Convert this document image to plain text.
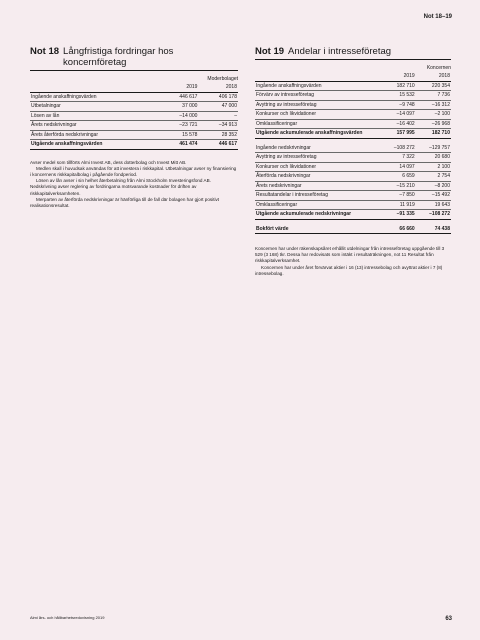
Not 18–19
Not 18 Långfristiga fordringar hos koncernföretag
Moderbolaget
	2019	2018
Ingående anskaffningsvärden	446 617	406 178
Utbetalningar	37 000	47 000
Lösen av lån	–14 000	–
Årets nedskrivningar	–23 721	–34 913
Årets återförda nedskrivningar	15 578	28 352
Utgående anskaffningsvärden	461 474	446 617

Avser medel som tillförts Almi Invest AB, dess dotterbolag och Invest Mitt AB.

Medlen skall i huvudsak användas för att investera i riskkapital. Utbetalningar avser ny finansiering i koncernens riskkapitalbolag i pågående fondperiod.

Lösen av lån avser i sin helhet återbetalning från Almi Stockholm Investeringsfond AB. Nedskrivning avser reglering av fordringarna motsvarande kostnader för driften av riskkapitalverksamheten.

Merparten av återförda nedskrivningar är hänförliga till de fall där bolagen har gjort positivt realisationsresultat.

Not 19 Andelar i intresseföretag
Koncernen
	2019	2018
Ingående anskaffningsvärden	182 710	220 354
Förvärv av intresseföretag	15 532	7 736
Avyttring av intresseföretag	–9 748	–16 312
Konkurser och likvidationer	–14 097	–2 100
Omklassificeringar	–16 402	–26 968
Utgående ackumulerade anskaffningsvärden	157 995	182 710

Ingående nedskrivningar	–108 272	–129 757
Avyttring av intresseföretag	7 322	20 680
Konkurser och likvidationer	14 097	2 100
Återförda nedskrivningar	6 659	2 754
Årets nedskrivningar	–15 210	–8 200
Resultatandelar i intresseföretag	–7 850	–15 492
Omklassificeringar	11 919	19 643
Utgående ackumulerade nedskrivningar	–91 335	–108 272

Bokfört värde	66 660	74 438

Koncernen har under räkenskapsåret erhållit utdelningar från intresseföretag uppgående till 3 529 (3 168) tkr. Dessa har redovisats som intäkt i resultaträkningen, not 11 Resultat från riskkapitalverksamhet.

Koncernen har under året förvärvat aktier i 16 (13) intressebolag och avyttrat aktier i 7 (8) intressebolag.

Almi års- och hållbarhetsredovisning 2019	63
